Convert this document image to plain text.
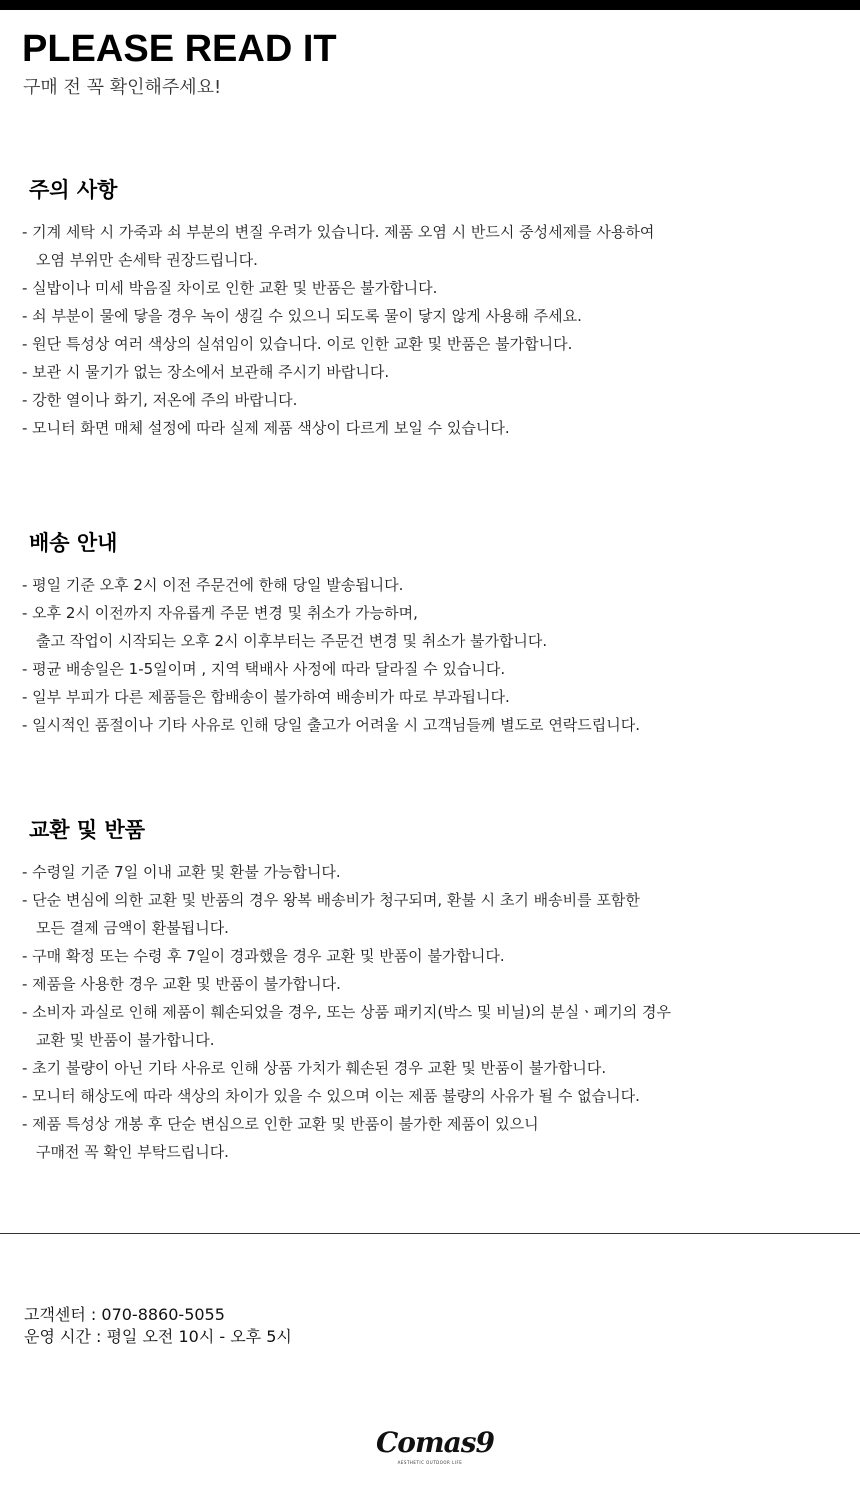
PLEASE READ IT
구매 전 꼭 확인해주세요!
주의 사항
- 기계 세탁 시 가죽과 쇠 부분의 변질 우려가 있습니다. 제품 오염 시 반드시 중성세제를 사용하여
오염 부위만 손세탁 권장드립니다.
- 실밥이나 미세 박음질 차이로 인한 교환 및 반품은 불가합니다.
- 쇠 부분이 물에 닿을 경우 녹이 생길 수 있으니 되도록 물이 닿지 않게 사용해 주세요.
- 원단 특성상 여러 색상의 실섞임이 있습니다. 이로 인한 교환 및 반품은 불가합니다.
- 보관 시 물기가 없는 장소에서 보관해 주시기 바랍니다.
- 강한 열이나 화기, 저온에 주의 바랍니다.
- 모니터 화면 매체 설정에 따라 실제 제품 색상이 다르게 보일 수 있습니다.
배송 안내
- 평일 기준 오후 2시 이전 주문건에 한해 당일 발송됩니다.
- 오후 2시 이전까지 자유롭게 주문 변경 및 취소가 가능하며,
출고 작업이 시작되는 오후 2시 이후부터는 주문건 변경 및 취소가 불가합니다.
- 평균 배송일은 1-5일이며 , 지역 택배사 사정에 따라 달라질 수 있습니다.
- 일부 부피가 다른 제품들은 합배송이 불가하여 배송비가 따로 부과됩니다.
- 일시적인 품절이나 기타 사유로 인해 당일 출고가 어려울 시 고객님들께 별도로 연락드립니다.
교환 및 반품
- 수령일 기준 7일 이내 교환 및 환불 가능합니다.
- 단순 변심에 의한 교환 및 반품의 경우 왕복 배송비가 청구되며, 환불 시 초기 배송비를 포함한
모든 결제 금액이 환불됩니다.
- 구매 확정 또는 수령 후 7일이 경과했을 경우 교환 및 반품이 불가합니다.
- 제품을 사용한 경우 교환 및 반품이 불가합니다.
- 소비자 과실로 인해 제품이 훼손되었을 경우, 또는 상품 패키지(박스 및 비닐)의 분실ㆍ폐기의 경우
교환 및 반품이 불가합니다.
- 초기 불량이 아닌 기타 사유로 인해 상품 가치가 훼손된 경우 교환 및 반품이 불가합니다.
- 모니터 해상도에 따라 색상의 차이가 있을 수 있으며 이는 제품 불량의 사유가 될 수 없습니다.
- 제품 특성상 개봉 후 단순 변심으로 인한 교환 및 반품이 불가한 제품이 있으니
구매전 꼭 확인 부탁드립니다.
고객센터 : 070-8860-5055
운영 시간 : 평일 오전 10시 - 오후 5시
Comas9
AESTHETIC OUTDOOR LIFE
